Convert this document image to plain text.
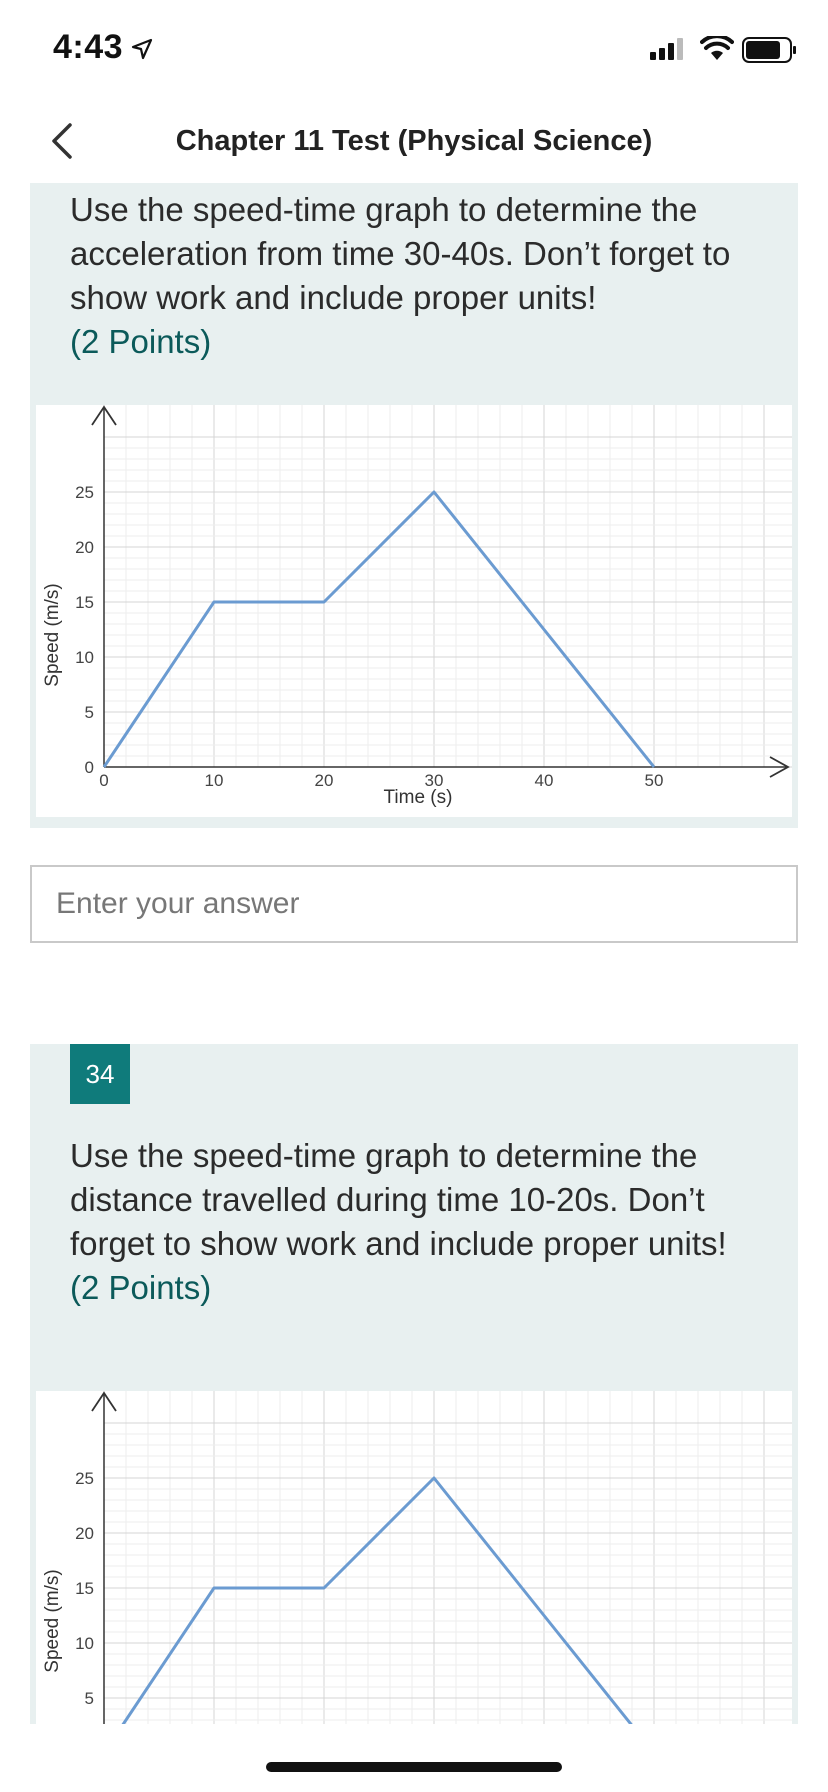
4:43
Chapter 11 Test (Physical Science)
Use the speed-time graph to determine the acceleration from time 30-40s. Don’t forget to show work and include proper units!
(2 Points)
0
5
10
15
20
25
0	10	20	30	40	50
Time (s)
Speed (m/s)
Enter your answer
34
Use the speed-time graph to determine the distance travelled during time 10-20s. Don’t forget to show work and include proper units!
(2 Points)
5
10
15
20
25
Speed (m/s)
